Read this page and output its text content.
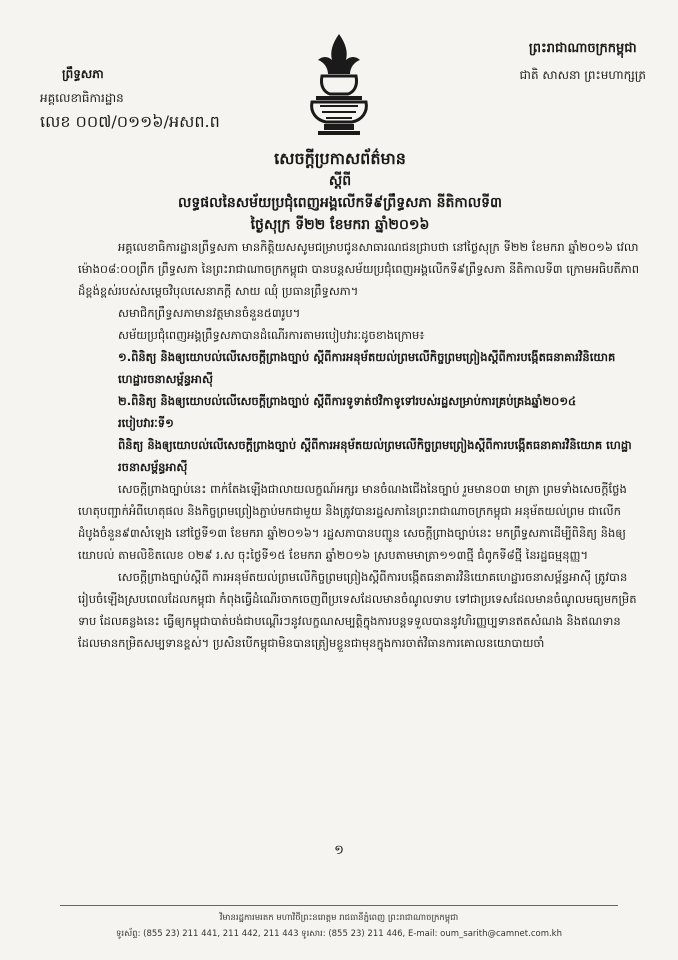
ព្រឹទ្ធសភា
អគ្គលេខាធិការដ្ឋាន
លេខ ០០៧/០១១៦/អសព.ព
ព្រះរាជាណាចក្រកម្ពុជា
ជាតិ សាសនា ព្រះមហាក្សត្រ
សេចក្ដីប្រកាសព័ត៌មាន
ស្ដីពី
លទ្ធផលនៃសម័យប្រជុំពេញអង្គលើកទី៩ព្រឹទ្ធសភា នីតិកាលទី៣
ថ្ងៃសុក្រ ទី២២ ខែមករា ឆ្នាំ២០១៦

អគ្គលេខាធិការដ្ឋានព្រឹទ្ធសភា មានកិត្តិយសសូមជម្រាបជូនសាធារណជនជ្រាបថា នៅថ្ងៃសុក្រ ទី២២ ខែមករា ឆ្នាំ២០១៦ វេលាម៉ោង០៨:០០ព្រឹក ព្រឹទ្ធសភា នៃព្រះរាជាណាចក្រកម្ពុជា បានបន្តសម័យប្រជុំពេញអង្គលើកទី៩ព្រឹទ្ធសភា នីតិកាលទី៣ ក្រោមអធិបតីភាពដ៏ខ្ពង់ខ្ពស់របស់សម្ដេចវិបុលសេនាភក្ដី សាយ ឈុំ ប្រធានព្រឹទ្ធសភា។

សមាជិកព្រឹទ្ធសភាមានវត្តមានចំនួន៥៣រូប។

សម័យប្រជុំពេញអង្គព្រឹទ្ធសភាបានដំណើរការតាមរបៀបវារៈដូចខាងក្រោម៖

១.ពិនិត្យ និងឲ្យយោបល់លើសេចក្ដីព្រាងច្បាប់ ស្ដីពីការអនុម័តយល់ព្រមលើកិច្ចព្រមព្រៀងស្ដីពីការបង្កើតធនាគារវិនិយោគ ហេដ្ឋារចនាសម្ព័ន្ធអាស៊ី
២.ពិនិត្យ និងឲ្យយោបល់លើសេចក្ដីព្រាងច្បាប់ ស្ដីពីការទូទាត់ថវិកាទូទៅរបស់រដ្ឋសម្រាប់ការគ្រប់គ្រងឆ្នាំ២០១៤
របៀបវារៈទី១
ពិនិត្យ និងឲ្យយោបល់លើសេចក្ដីព្រាងច្បាប់ ស្ដីពីការអនុម័តយល់ព្រមលើកិច្ចព្រមព្រៀងស្ដីពីការបង្កើតធនាគារវិនិយោគ ហេដ្ឋារចនាសម្ព័ន្ធអាស៊ី

សេចក្ដីព្រាងច្បាប់នេះ ពាក់តែងឡើងជាលាយលក្ខណ៍អក្សរ មានចំណងជើងនៃច្បាប់ រួមមាន០៣ មាត្រា ព្រមទាំងសេចក្ដីថ្លែងហេតុបញ្ជាក់អំពីហេតុផល និងកិច្ចព្រមព្រៀងភ្ជាប់មកជាមួយ និងត្រូវបានរដ្ឋសភានៃព្រះរាជាណាចក្រកម្ពុជា អនុម័តយល់ព្រម ជាលើកដំបូងចំនួន៩៣សំឡេង នៅថ្ងៃទី១៣ ខែមករា ឆ្នាំ២០១៦។ រដ្ឋសភាបានបញ្ជូន សេចក្ដីព្រាងច្បាប់នេះ មកព្រឹទ្ធសភាដើម្បីពិនិត្យ និងឲ្យយោបល់ តាមលិខិតលេខ ០២៩ រ.ស ចុះថ្ងៃទី១៥ ខែមករា ឆ្នាំ២០១៦ ស្របតាមមាត្រា១១៣ថ្មី ជំពូកទី៨ថ្មី នៃរដ្ឋធម្មនុញ្ញ។

សេចក្ដីព្រាងច្បាប់ស្ដីពី ការអនុម័តយល់ព្រមលើកិច្ចព្រមព្រៀងស្ដីពីការបង្កើតធនាគារវិនិយោគហេដ្ឋារចនាសម្ព័ន្ធអាស៊ី ត្រូវបានរៀបចំឡើងស្របពេលដែលកម្ពុជា កំពុងធ្វើដំណើរចាកចេញពីប្រទេសដែលមានចំណូលទាប ទៅជាប្រទេសដែលមានចំណូលមធ្យមកម្រិតទាប ដែលគន្លងនេះ ធ្វើឲ្យកម្ពុជាបាត់បង់ជាបណ្ដើរៗនូវលក្ខណសម្បត្តិក្នុងការបន្តទទួលបាននូវហិរញ្ញប្បទានឥតសំណង និងឥណទានដែលមានកម្រិតសម្បទានខ្ពស់។ ប្រសិនបើកម្ពុជាមិនបានត្រៀមខ្លួនជាមុនក្នុងការចាត់វិធានការគោលនយោបាយចាំ

១
វិមានរដ្ឋការមរតក មហាវិថីព្រះនរោត្តម រាជធានីភ្នំពេញ ព្រះរាជាណាចក្រកម្ពុជា
ទូរស័ព្ទ: (855 23) 211 441, 211 442, 211 443 ទូរសារ: (855 23) 211 446, E-mail: oum_sarith@camnet.com.kh
